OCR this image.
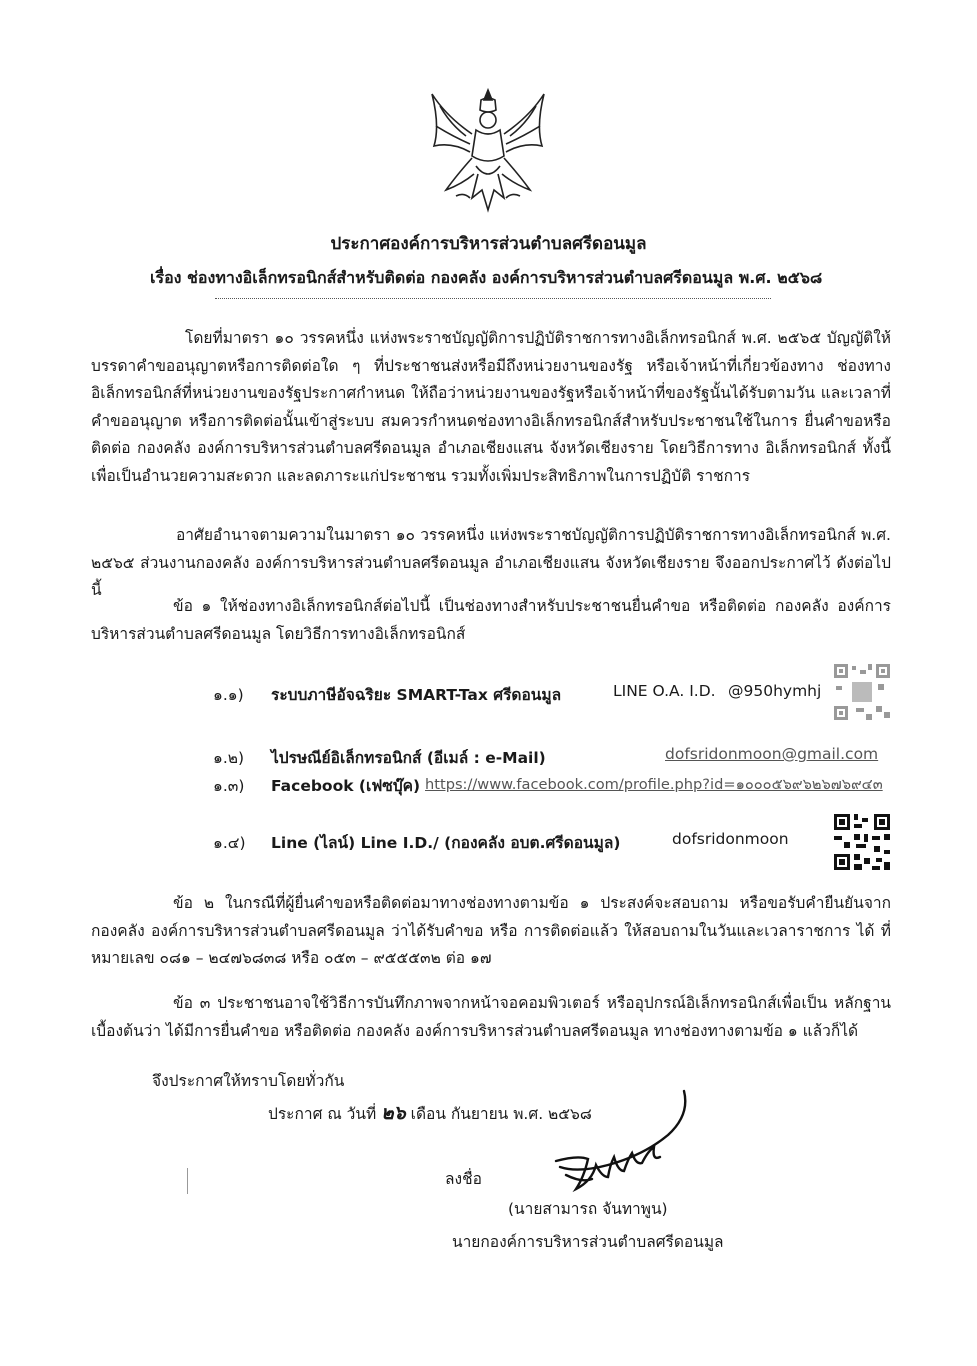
ประกาศองค์การบริหารส่วนตำบลศรีดอนมูล
เรื่อง ช่องทางอิเล็กทรอนิกส์สำหรับติดต่อ กองคลัง องค์การบริหารส่วนตำบลศรีดอนมูล พ.ศ. ๒๕๖๘

โดยที่มาตรา ๑๐ วรรคหนึ่ง แห่งพระราชบัญญัติการปฏิบัติราชการทางอิเล็กทรอนิกส์ พ.ศ. ๒๕๖๕ บัญญัติให้บรรดาคำขออนุญาตหรือการติดต่อใด ๆ ที่ประชาชนส่งหรือมีถึงหน่วยงานของรัฐ หรือเจ้าหน้าที่เกี่ยวข้องทาง ช่องทางอิเล็กทรอนิกส์ที่หน่วยงานของรัฐประกาศกำหนด ให้ถือว่าหน่วยงานของรัฐหรือเจ้าหน้าที่ของรัฐนั้นได้รับตามวัน และเวลาที่คำขออนุญาต หรือการติดต่อนั้นเข้าสู่ระบบ สมควรกำหนดช่องทางอิเล็กทรอนิกส์สำหรับประชาชนใช้ในการ ยื่นคำขอหรือติดต่อ กองคลัง องค์การบริหารส่วนตำบลศรีดอนมูล อำเภอเชียงแสน จังหวัดเชียงราย โดยวิธีการทาง อิเล็กทรอนิกส์ ทั้งนี้เพื่อเป็นอำนวยความสะดวก และลดภาระแก่ประชาชน รวมทั้งเพิ่มประสิทธิภาพในการปฏิบัติ ราชการ

อาศัยอำนาจตามความในมาตรา ๑๐ วรรคหนึ่ง แห่งพระราชบัญญัติการปฏิบัติราชการทางอิเล็กทรอนิกส์ พ.ศ. ๒๕๖๕ ส่วนงานกองคลัง องค์การบริหารส่วนตำบลศรีดอนมูล อำเภอเชียงแสน จังหวัดเชียงราย จึงออกประกาศไว้ ดังต่อไปนี้

ข้อ ๑ ให้ช่องทางอิเล็กทรอนิกส์ต่อไปนี้ เป็นช่องทางสำหรับประชาชนยื่นคำขอ หรือติดต่อ กองคลัง องค์การ บริหารส่วนตำบลศรีดอนมูล โดยวิธีการทางอิเล็กทรอนิกส์

๑.๑) ระบบภาษีอัจฉริยะ SMART-Tax ศรีดอนมูล	LINE O.A. I.D. @950hymhj
๑.๒) ไปรษณีย์อิเล็กทรอนิกส์ (อีเมล์ : e-Mail)	dofsridonmoon@gmail.com
๑.๓) Facebook (เฟซบุ๊ค) https://www.facebook.com/profile.php?id=๑๐๐๐๕๖๙๖๒๖๗๖๙๔๓
๑.๔) Line (ไลน์) Line I.D./ (กองคลัง อบต.ศรีดอนมูล)	dofsridonmoon

ข้อ ๒ ในกรณีที่ผู้ยื่นคำขอหรือติดต่อมาทางช่องทางตามข้อ ๑ ประสงค์จะสอบถาม หรือขอรับคำยืนยันจาก กองคลัง องค์การบริหารส่วนตำบลศรีดอนมูล ว่าได้รับคำขอ หรือ การติดต่อแล้ว ให้สอบถามในวันและเวลาราชการ ได้ ที่หมายเลข ๐๘๑ – ๒๔๗๖๘๓๘ หรือ ๐๕๓ – ๙๕๕๕๓๒ ต่อ ๑๗

ข้อ ๓ ประชาชนอาจใช้วิธีการบันทึกภาพจากหน้าจอคอมพิวเตอร์ หรืออุปกรณ์อิเล็กทรอนิกส์เพื่อเป็น หลักฐานเบื้องต้นว่า ได้มีการยื่นคำขอ หรือติดต่อ กองคลัง องค์การบริหารส่วนตำบลศรีดอนมูล ทางช่องทางตามข้อ ๑ แล้วก็ได้

จึงประกาศให้ทราบโดยทั่วกัน
ประกาศ ณ วันที่ ๒๖ เดือน กันยายน พ.ศ. ๒๕๖๘
ลงชื่อ
(นายสามารถ จันทาพูน)
นายกองค์การบริหารส่วนตำบลศรีดอนมูล
